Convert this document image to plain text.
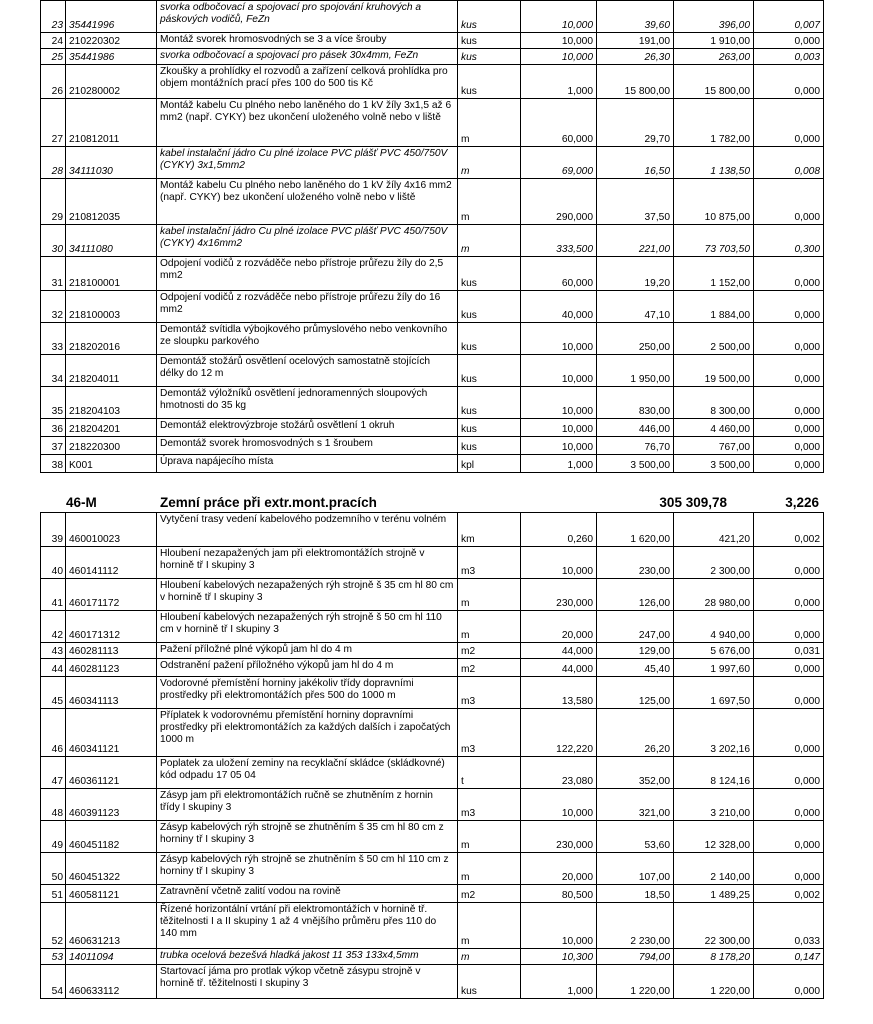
23	35441996	svorka odbočovací a spojovací pro spojování kruhových a páskových vodičů, FeZn	kus	10,000	39,60	396,00	0,007
24	210220302	Montáž svorek hromosvodných se 3 a více šrouby	kus	10,000	191,00	1 910,00	0,000
25	35441986	svorka odbočovací a spojovací pro pásek 30x4mm, FeZn	kus	10,000	26,30	263,00	0,003
26	210280002	Zkoušky a prohlídky el rozvodů a zařízení celková prohlídka pro objem montážních prací přes 100 do 500 tis Kč	kus	1,000	15 800,00	15 800,00	0,000
27	210812011	Montáž kabelu Cu plného nebo laněného do 1 kV žíly 3x1,5 až 6 mm2 (např. CYKY) bez ukončení uloženého volně nebo v liště	m	60,000	29,70	1 782,00	0,000
28	34111030	kabel instalační jádro Cu plné izolace PVC plášť PVC 450/750V (CYKY) 3x1,5mm2	m	69,000	16,50	1 138,50	0,008
29	210812035	Montáž kabelu Cu plného nebo laněného do 1 kV žíly 4x16 mm2 (např. CYKY) bez ukončení uloženého volně nebo v liště	m	290,000	37,50	10 875,00	0,000
30	34111080	kabel instalační jádro Cu plné izolace PVC plášť PVC 450/750V (CYKY) 4x16mm2	m	333,500	221,00	73 703,50	0,300
31	218100001	Odpojení vodičů z rozváděče nebo přístroje průřezu žíly do 2,5 mm2	kus	60,000	19,20	1 152,00	0,000
32	218100003	Odpojení vodičů z rozváděče nebo přístroje průřezu žíly do 16 mm2	kus	40,000	47,10	1 884,00	0,000
33	218202016	Demontáž svítidla výbojkového průmyslového nebo venkovního ze sloupku parkového	kus	10,000	250,00	2 500,00	0,000
34	218204011	Demontáž stožárů osvětlení ocelových samostatně stojících délky do 12 m	kus	10,000	1 950,00	19 500,00	0,000
35	218204103	Demontáž výložníků osvětlení jednoramenných sloupových hmotnosti do 35 kg	kus	10,000	830,00	8 300,00	0,000
36	218204201	Demontáž elektrovýzbroje stožárů osvětlení 1 okruh	kus	10,000	446,00	4 460,00	0,000
37	218220300	Demontáž svorek hromosvodných s 1 šroubem	kus	10,000	76,70	767,00	0,000
38	K001	Úprava napájecího místa	kpl	1,000	3 500,00	3 500,00	0,000
46-M	Zemní práce při extr.mont.pracích	305 309,78	3,226
39	460010023	Vytyčení trasy vedení kabelového podzemního v terénu volném	km	0,260	1 620,00	421,20	0,002
40	460141112	Hloubení nezapažených jam při elektromontážích strojně v hornině tř I skupiny 3	m3	10,000	230,00	2 300,00	0,000
41	460171172	Hloubení kabelových nezapažených rýh strojně š 35 cm hl 80 cm v hornině tř I skupiny 3	m	230,000	126,00	28 980,00	0,000
42	460171312	Hloubení kabelových nezapažených rýh strojně š 50 cm hl 110 cm v hornině tř I skupiny 3	m	20,000	247,00	4 940,00	0,000
43	460281113	Pažení příložné plné výkopů jam hl do 4 m	m2	44,000	129,00	5 676,00	0,031
44	460281123	Odstranění pažení příložného výkopů jam hl do 4 m	m2	44,000	45,40	1 997,60	0,000
45	460341113	Vodorovné přemístění horniny jakékoliv třídy dopravními prostředky při elektromontážích přes 500 do 1000 m	m3	13,580	125,00	1 697,50	0,000
46	460341121	Příplatek k vodorovnému přemístění horniny dopravními prostředky při elektromontážích za každých dalších i započatých 1000 m	m3	122,220	26,20	3 202,16	0,000
47	460361121	Poplatek za uložení zeminy na recyklační skládce (skládkovné) kód odpadu 17 05 04	t	23,080	352,00	8 124,16	0,000
48	460391123	Zásyp jam při elektromontážích ručně se zhutněním z hornin třídy I skupiny 3	m3	10,000	321,00	3 210,00	0,000
49	460451182	Zásyp kabelových rýh strojně se zhutněním š 35 cm hl 80 cm z horniny tř I skupiny 3	m	230,000	53,60	12 328,00	0,000
50	460451322	Zásyp kabelových rýh strojně se zhutněním š 50 cm hl 110 cm z horniny tř I skupiny 3	m	20,000	107,00	2 140,00	0,000
51	460581121	Zatravnění včetně zalití vodou na rovině	m2	80,500	18,50	1 489,25	0,002
52	460631213	Řízené horizontální vrtání při elektromontážích v hornině tř. těžitelnosti I a II skupiny 1 až 4 vnějšího průměru přes 110 do 140 mm	m	10,000	2 230,00	22 300,00	0,033
53	14011094	trubka ocelová bezešvá hladká jakost 11 353 133x4,5mm	m	10,300	794,00	8 178,20	0,147
54	460633112	Startovací jáma pro protlak výkop včetně zásypu strojně v hornině tř. těžitelnosti I skupiny 3	kus	1,000	1 220,00	1 220,00	0,000
